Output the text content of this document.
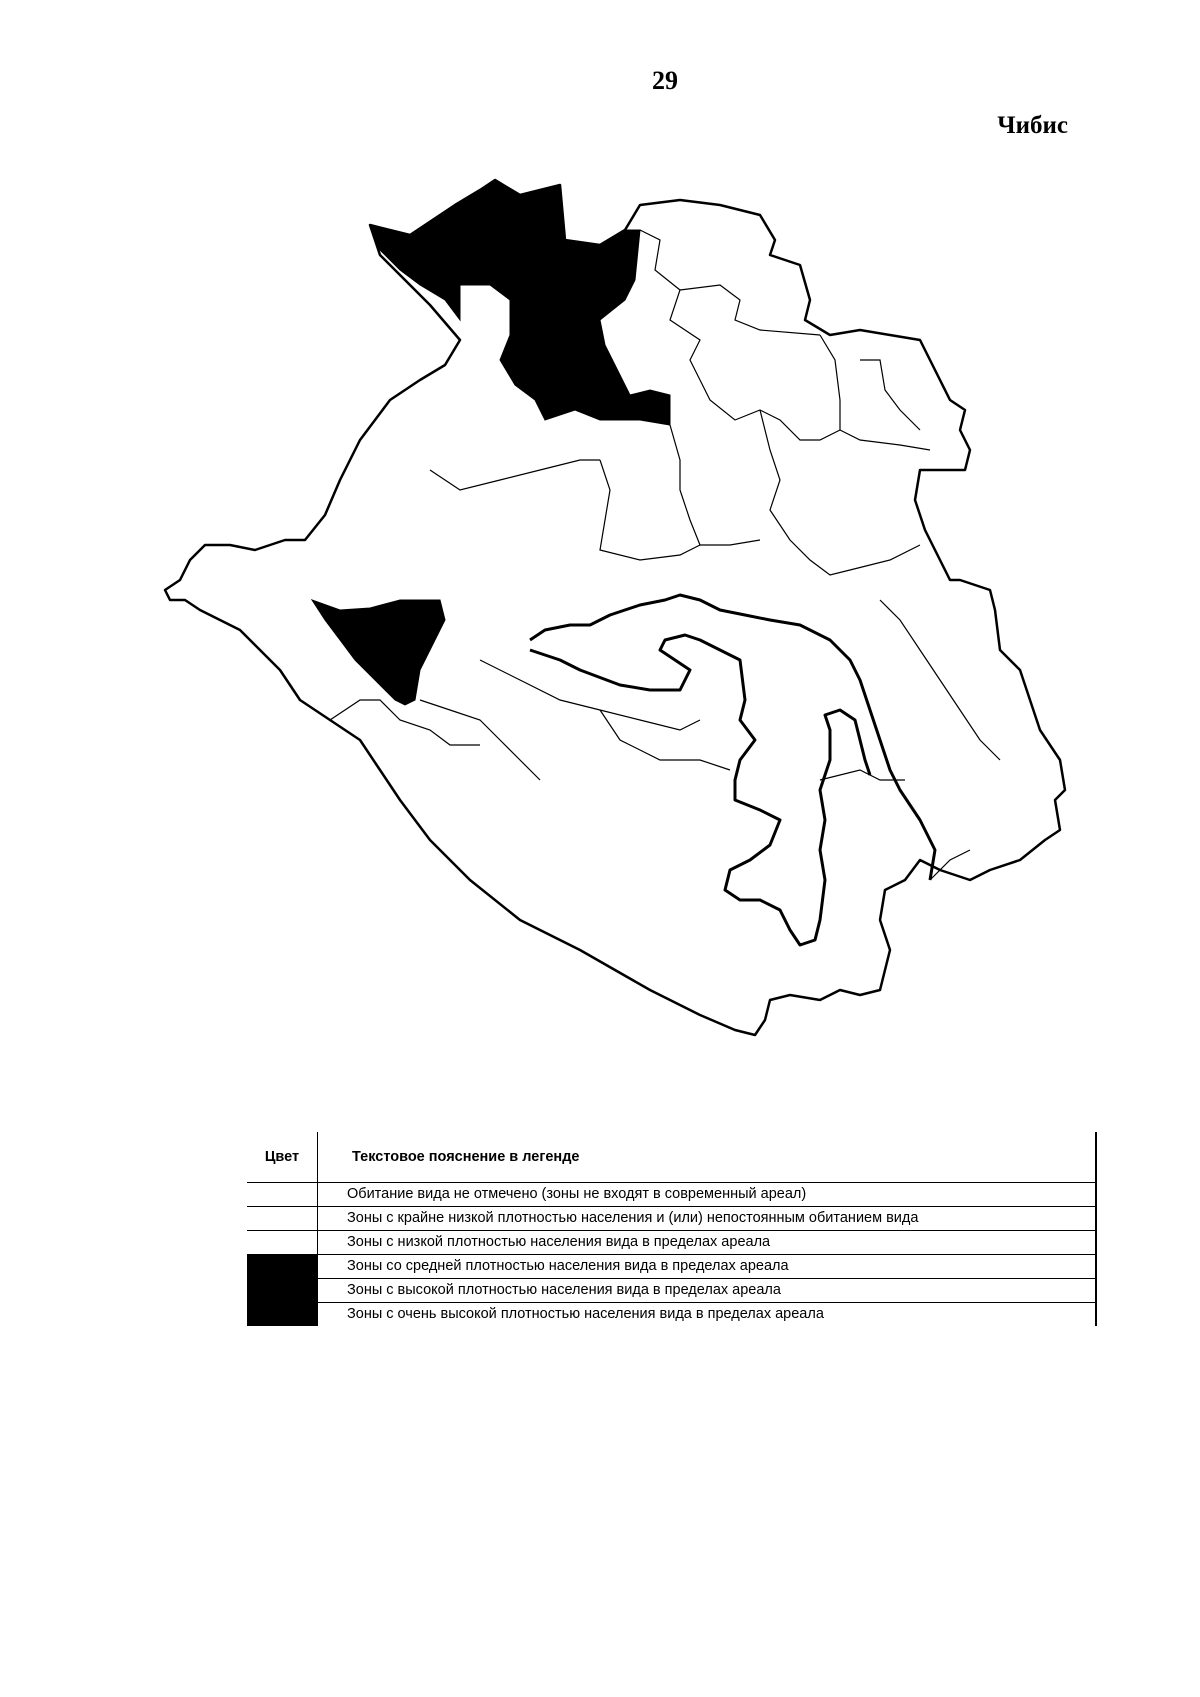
29
Чибис
Цвет	Текстовое пояснение в легенде
	Обитание вида не отмечено (зоны не входят в современный ареал)
	Зоны с крайне низкой плотностью населения и (или) непостоянным обитанием вида
	Зоны с низкой плотностью населения вида в пределах ареала
	Зоны со средней плотностью населения вида в пределах ареала
	Зоны с высокой плотностью населения вида в пределах ареала
	Зоны с очень высокой плотностью населения вида в пределах ареала
